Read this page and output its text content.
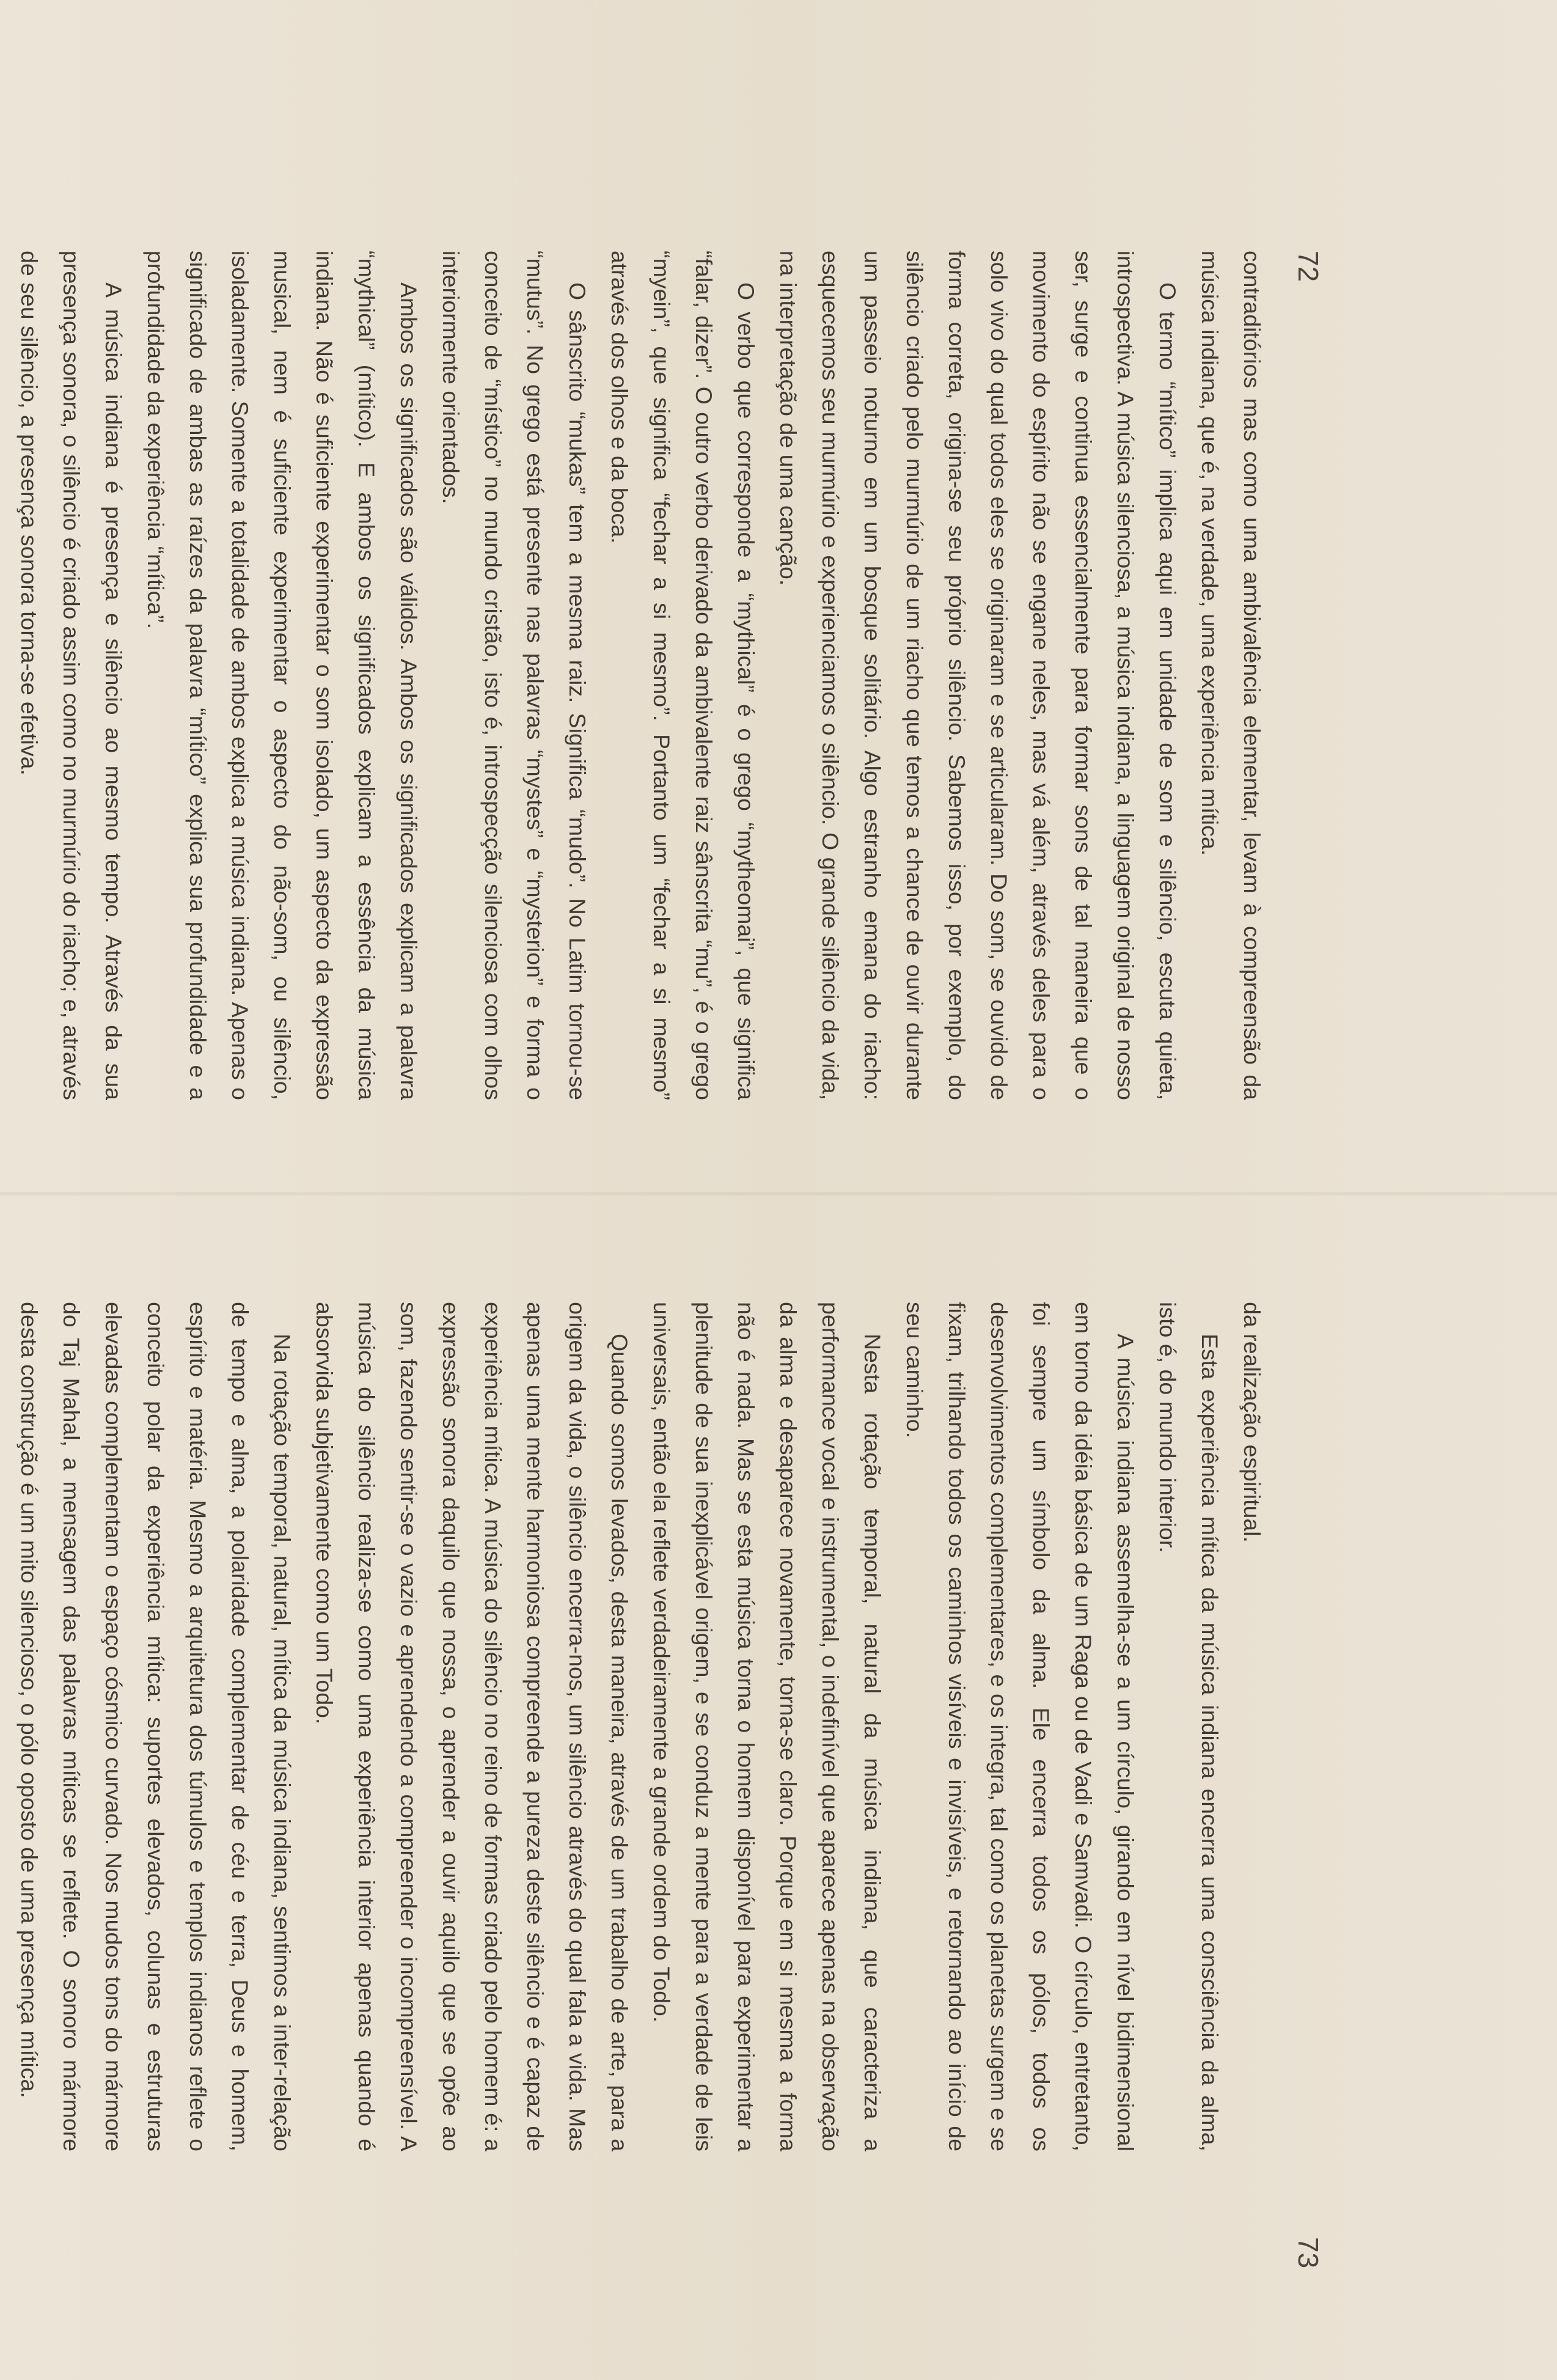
72

contraditórios mas como uma ambivalência elementar, levam à compreensão da música indiana, que é, na verdade, uma experiência mítica.

O termo “mítico” implica aqui em unidade de som e silêncio, escuta quieta, introspectiva. A música silenciosa, a música indiana, a linguagem original de nosso ser, surge e continua essencialmente para formar sons de tal maneira que o movimento do espírito não se engane neles, mas vá além, através deles para o solo vivo do qual todos eles se originaram e se articularam. Do som, se ouvido de forma correta, origina-se seu próprio silêncio. Sabemos isso, por exemplo, do silêncio criado pelo murmúrio de um riacho que temos a chance de ouvir durante um passeio noturno em um bosque solitário. Algo estranho emana do riacho: esquecemos seu murmúrio e experienciamos o silêncio. O grande silêncio da vida, na interpretação de uma canção.

O verbo que corresponde a “mythical” é o grego “mytheomai”, que significa “falar, dizer”. O outro verbo derivado da ambivalente raiz sânscrita “mu”, é o grego “myein”, que significa “fechar a si mesmo”. Portanto um “fechar a si mesmo” através dos olhos e da boca.

O sânscrito “mukas” tem a mesma raiz. Significa “mudo”. No Latim tornou-se “mutus”. No grego está presente nas palavras “mystes” e “mysterion” e forma o conceito de “místico” no mundo cristão, isto é, introspecção silenciosa com olhos interiormente orientados.

Ambos os significados são válidos. Ambos os significados explicam a palavra “mythical” (mítico). E ambos os significados explicam a essência da música indiana. Não é suficiente experimentar o som isolado, um aspecto da expressão musical, nem é suficiente experimentar o aspecto do não-som, ou silêncio, isoladamente. Somente a totalidade de ambos explica a música indiana. Apenas o significado de ambas as raízes da palavra “mítico” explica sua profundidade e a profundidade da experiência “mítica”.

A música indiana é presença e silêncio ao mesmo tempo. Através da sua presença sonora, o silêncio é criado assim como no murmúrio do riacho; e, através de seu silêncio, a presença sonora torna-se efetiva.

73

da realização espiritual.

Esta experiência mítica da música indiana encerra uma consciência da alma, isto é, do mundo interior.

A música indiana assemelha-se a um círculo, girando em nível bidimensional em torno da idéia básica de um Raga ou de Vadi e Samvadi. O círculo, entretanto, foi sempre um símbolo da alma. Ele encerra todos os pólos, todos os desenvolvimentos complementares, e os integra, tal como os planetas surgem e se fixam, trilhando todos os caminhos visíveis e invisíveis, e retornando ao início de seu caminho.

Nesta rotação temporal, natural da música indiana, que caracteriza a performance vocal e instrumental, o indefinível que aparece apenas na observação da alma e desaparece novamente, torna-se claro. Porque em si mesma a forma não é nada. Mas se esta música torna o homem disponível para experimentar a plenitude de sua inexplicável origem, e se conduz a mente para a verdade de leis universais, então ela reflete verdadeiramente a grande ordem do Todo.

Quando somos levados, desta maneira, através de um trabalho de arte, para a origem da vida, o silêncio encerra-nos, um silêncio através do qual fala a vida. Mas apenas uma mente harmoniosa compreende a pureza deste silêncio e é capaz de experiência mítica. A música do silêncio no reino de formas criado pelo homem é: a expressão sonora daquilo que nossa, o aprender a ouvir aquilo que se opõe ao som, fazendo sentir-se o vazio e aprendendo a compreender o incompreensível. A música do silêncio realiza-se como uma experiência interior apenas quando é absorvida subjetivamente como um Todo.

Na rotação temporal, natural, mítica da música indiana, sentimos a inter-relação de tempo e alma, a polaridade complementar de céu e terra, Deus e homem, espírito e matéria. Mesmo a arquitetura dos túmulos e templos indianos reflete o conceito polar da experiência mítica: suportes elevados, colunas e estruturas elevadas complementam o espaço cósmico curvado. Nos mudos tons do mármore do Taj Mahal, a mensagem das palavras míticas se reflete. O sonoro mármore desta construção é um mito silencioso, o pólo oposto de uma presença mítica.
